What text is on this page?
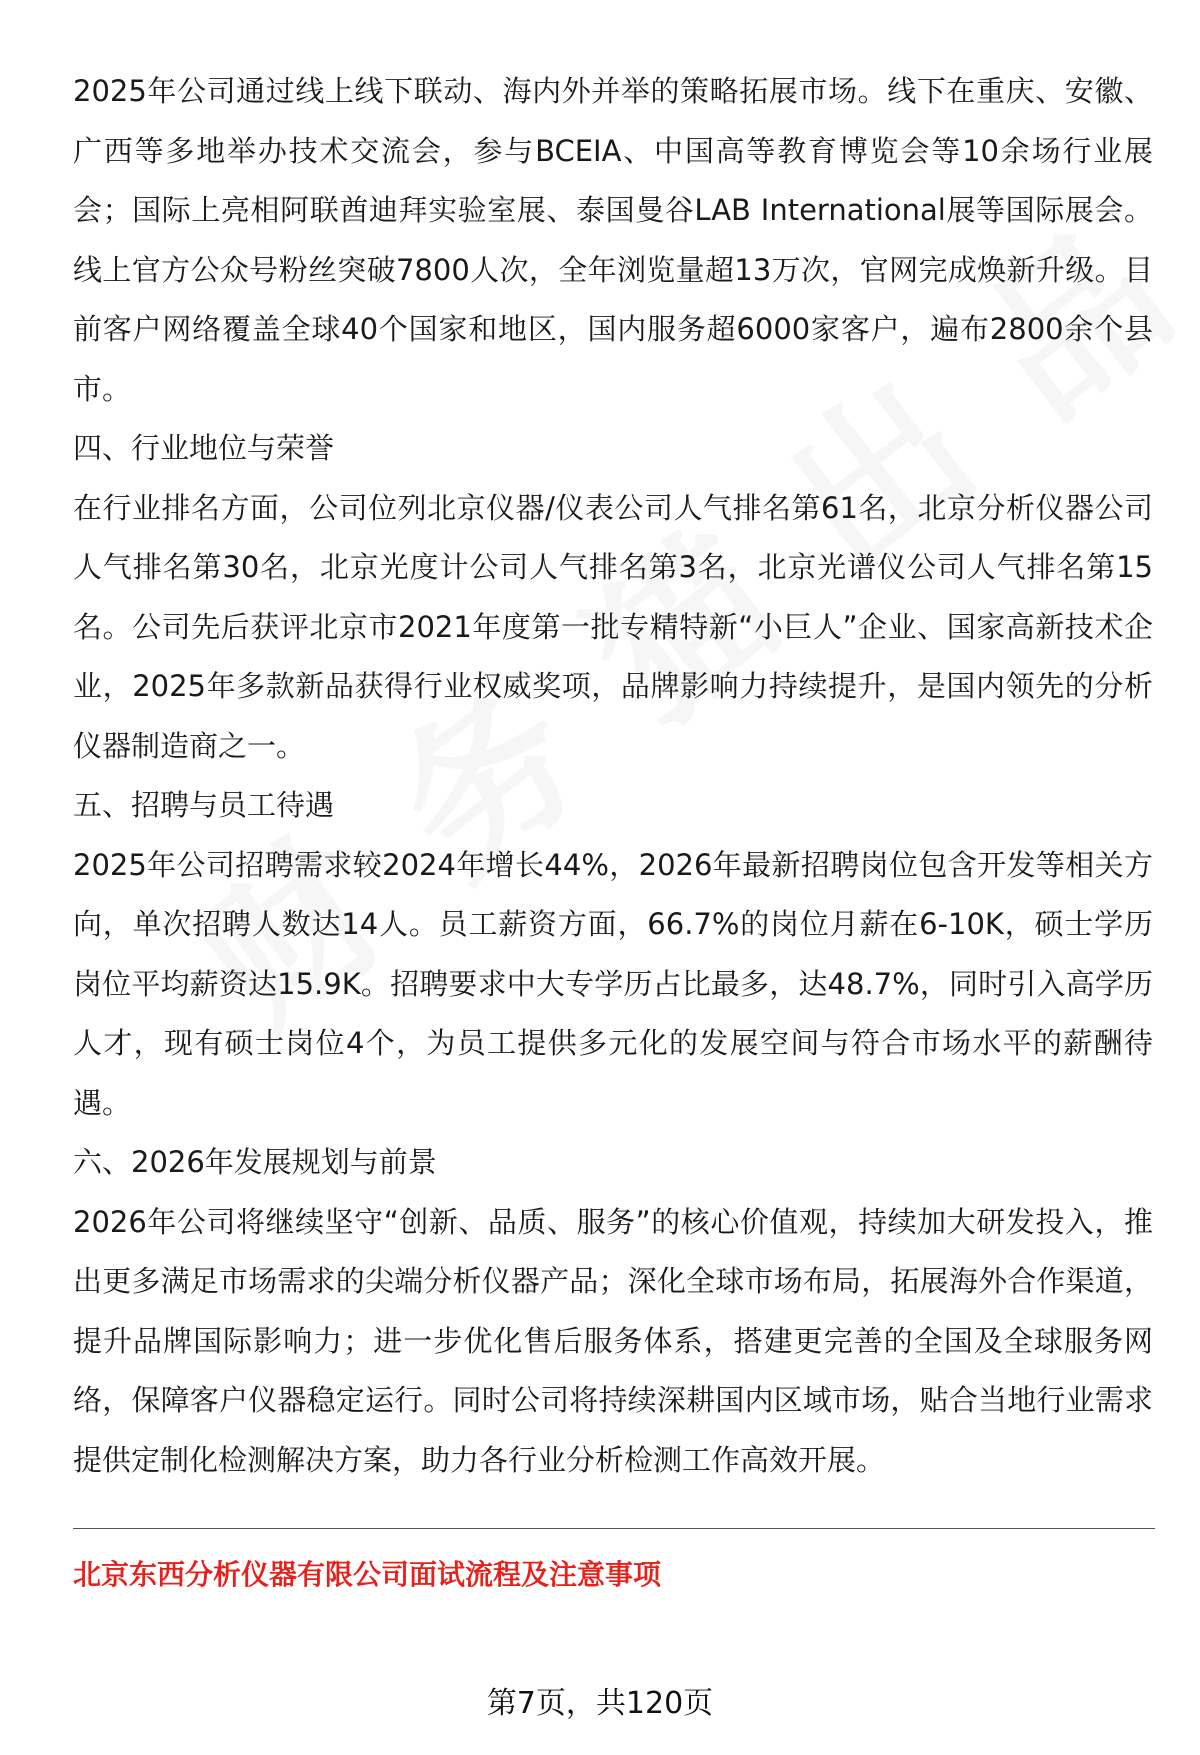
2025年公司通过线上线下联动、海内外并举的策略拓展市场。线下在重庆、安徽、广西等多地举办技术交流会，参与BCEIA、中国高等教育博览会等10余场行业展会；国际上亮相阿联酋迪拜实验室展、泰国曼谷LAB International展等国际展会。线上官方公众号粉丝突破7800人次，全年浏览量超13万次，官网完成焕新升级。目前客户网络覆盖全球40个国家和地区，国内服务超6000家客户，遍布2800余个县市。

四、行业地位与荣誉

在行业排名方面，公司位列北京仪器/仪表公司人气排名第61名，北京分析仪器公司人气排名第30名，北京光度计公司人气排名第3名，北京光谱仪公司人气排名第15名。公司先后获评北京市2021年度第一批专精特新“小巨人”企业、国家高新技术企业，2025年多款新品获得行业权威奖项，品牌影响力持续提升，是国内领先的分析仪器制造商之一。

五、招聘与员工待遇

2025年公司招聘需求较2024年增长44%，2026年最新招聘岗位包含开发等相关方向，单次招聘人数达14人。员工薪资方面，66.7%的岗位月薪在6-10K，硕士学历岗位平均薪资达15.9K。招聘要求中大专学历占比最多，达48.7%，同时引入高学历人才，现有硕士岗位4个，为员工提供多元化的发展空间与符合市场水平的薪酬待遇。

六、2026年发展规划与前景

2026年公司将继续坚守“创新、品质、服务”的核心价值观，持续加大研发投入，推出更多满足市场需求的尖端分析仪器产品；深化全球市场布局，拓展海外合作渠道，提升品牌国际影响力；进一步优化售后服务体系，搭建更完善的全国及全球服务网络，保障客户仪器稳定运行。同时公司将持续深耕国内区域市场，贴合当地行业需求提供定制化检测解决方案，助力各行业分析检测工作高效开展。

北京东西分析仪器有限公司面试流程及注意事项
第7页，共120页
